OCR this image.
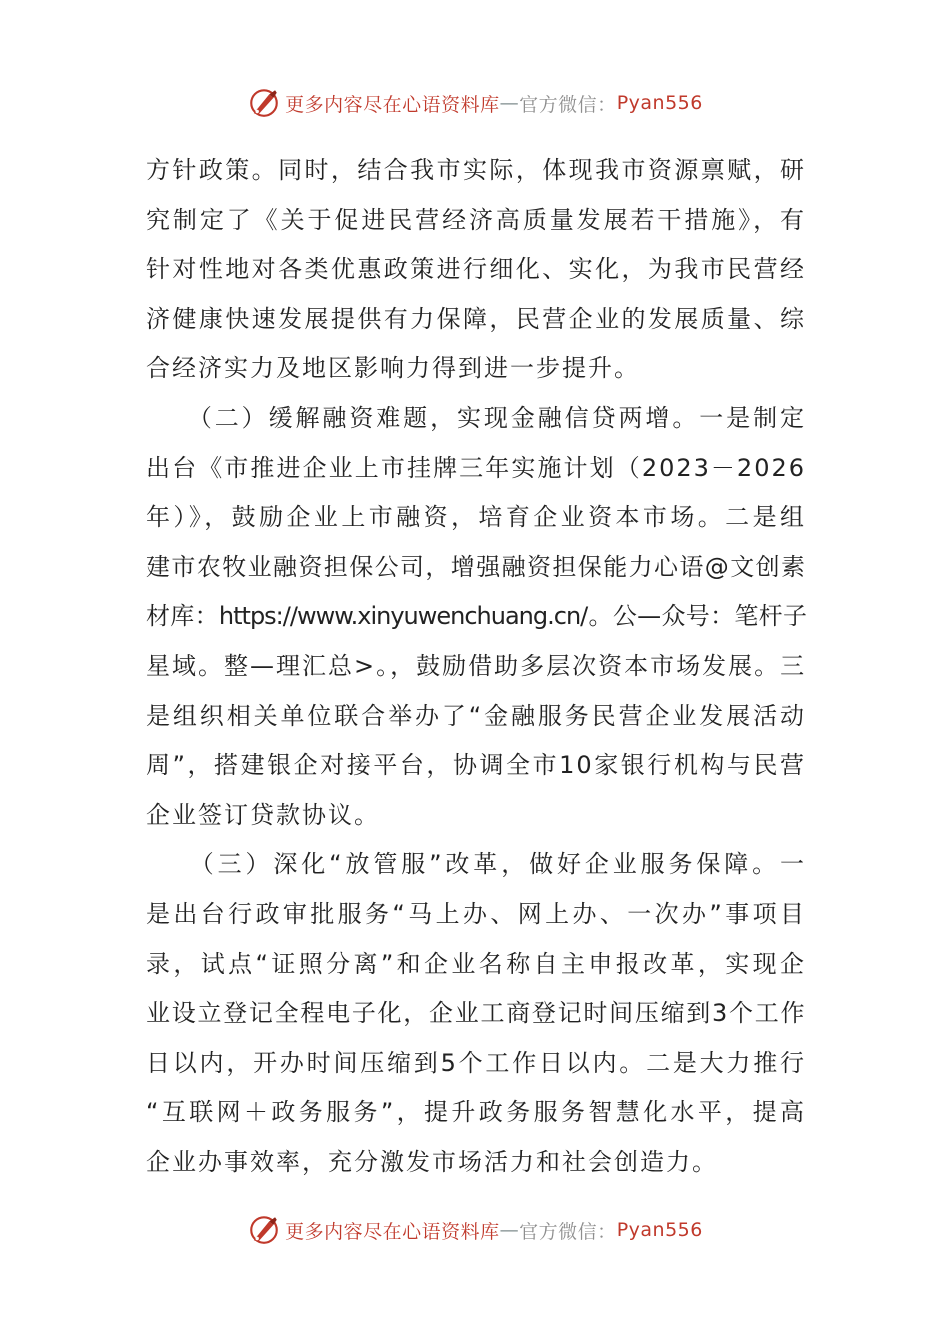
更多内容尽在心语资料库 — 官方微信： Pyan556
方针政策。同时，结合我市实际，体现我市资源禀赋，研
究制定了《关于促进民营经济高质量发展若干措施》，有
针对性地对各类优惠政策进行细化、实化，为我市民营经
济健康快速发展提供有力保障，民营企业的发展质量、综
合经济实力及地区影响力得到进一步提升。
　　（二）缓解融资难题，实现金融信贷两增。一是制定
出台《市推进企业上市挂牌三年实施计划（2023－2026
年）》，鼓励企业上市融资，培育企业资本市场。二是组
建市农牧业融资担保公司，增强融资担保能力心语@文创素
材库：https://www.xinyuwenchuang.cn/。公—众号：笔杆子
星域。整—理汇总>。，鼓励借助多层次资本市场发展。三
是组织相关单位联合举办了“金融服务民营企业发展活动
周”，搭建银企对接平台，协调全市10家银行机构与民营
企业签订贷款协议。
　　（三）深化“放管服”改革，做好企业服务保障。一
是出台行政审批服务“马上办、网上办、一次办”事项目
录，试点“证照分离”和企业名称自主申报改革，实现企
业设立登记全程电子化，企业工商登记时间压缩到3个工作
日以内，开办时间压缩到5个工作日以内。二是大力推行
“互联网＋政务服务”，提升政务服务智慧化水平，提高
企业办事效率，充分激发市场活力和社会创造力。
更多内容尽在心语资料库 — 官方微信： Pyan556
